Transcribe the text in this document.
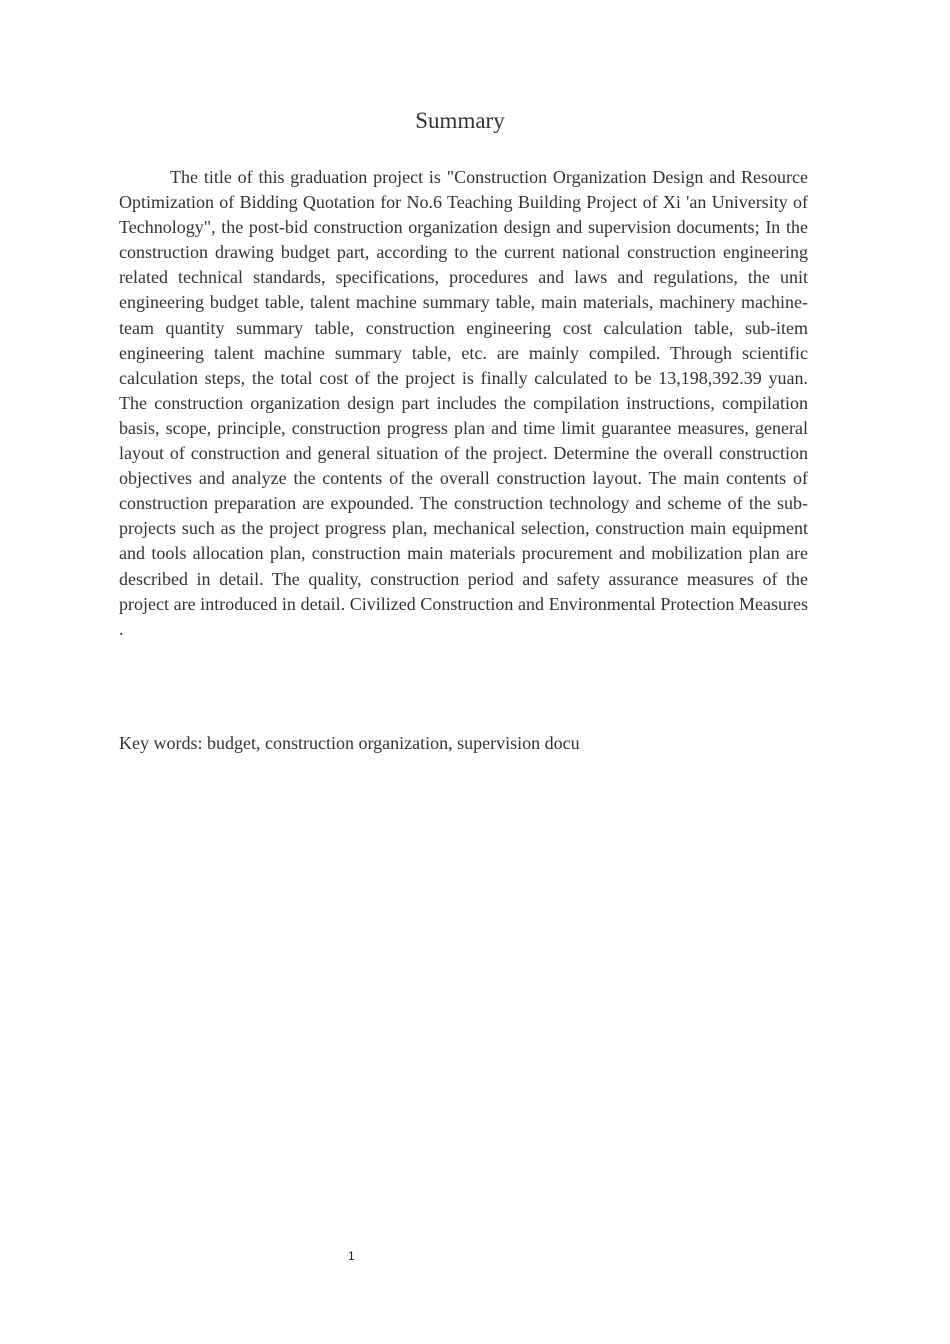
Summary

The title of this graduation project is "Construction Organization Design and Resource Optimization of Bidding Quotation for No.6 Teaching Building Project of Xi 'an University of Technology", the post-bid construction organization design and supervision documents; In the construction drawing budget part, according to the current national construction engineering related technical standards, specifications, procedures and laws and regulations, the unit engineering budget table, talent machine summary table, main materials, machinery machine-team quantity summary table, construction engineering cost calculation table, sub-item engineering talent machine summary table, etc. are mainly compiled. Through scientific calculation steps, the total cost of the project is finally calculated to be 13,198,392.39 yuan. The construction organization design part includes the compilation instructions, compilation basis, scope, principle, construction progress plan and time limit guarantee measures, general layout of construction and general situation of the project. Determine the overall construction objectives and analyze the contents of the overall construction layout. The main contents of construction preparation are expounded. The construction technology and scheme of the sub-projects such as the project progress plan, mechanical selection, construction main equipment and tools allocation plan, construction main materials procurement and mobilization plan are described in detail. The quality, construction period and safety assurance measures of the project are introduced in detail. Civilized Construction and Environmental Protection Measures .

Key words: budget, construction organization, supervision docu
1
